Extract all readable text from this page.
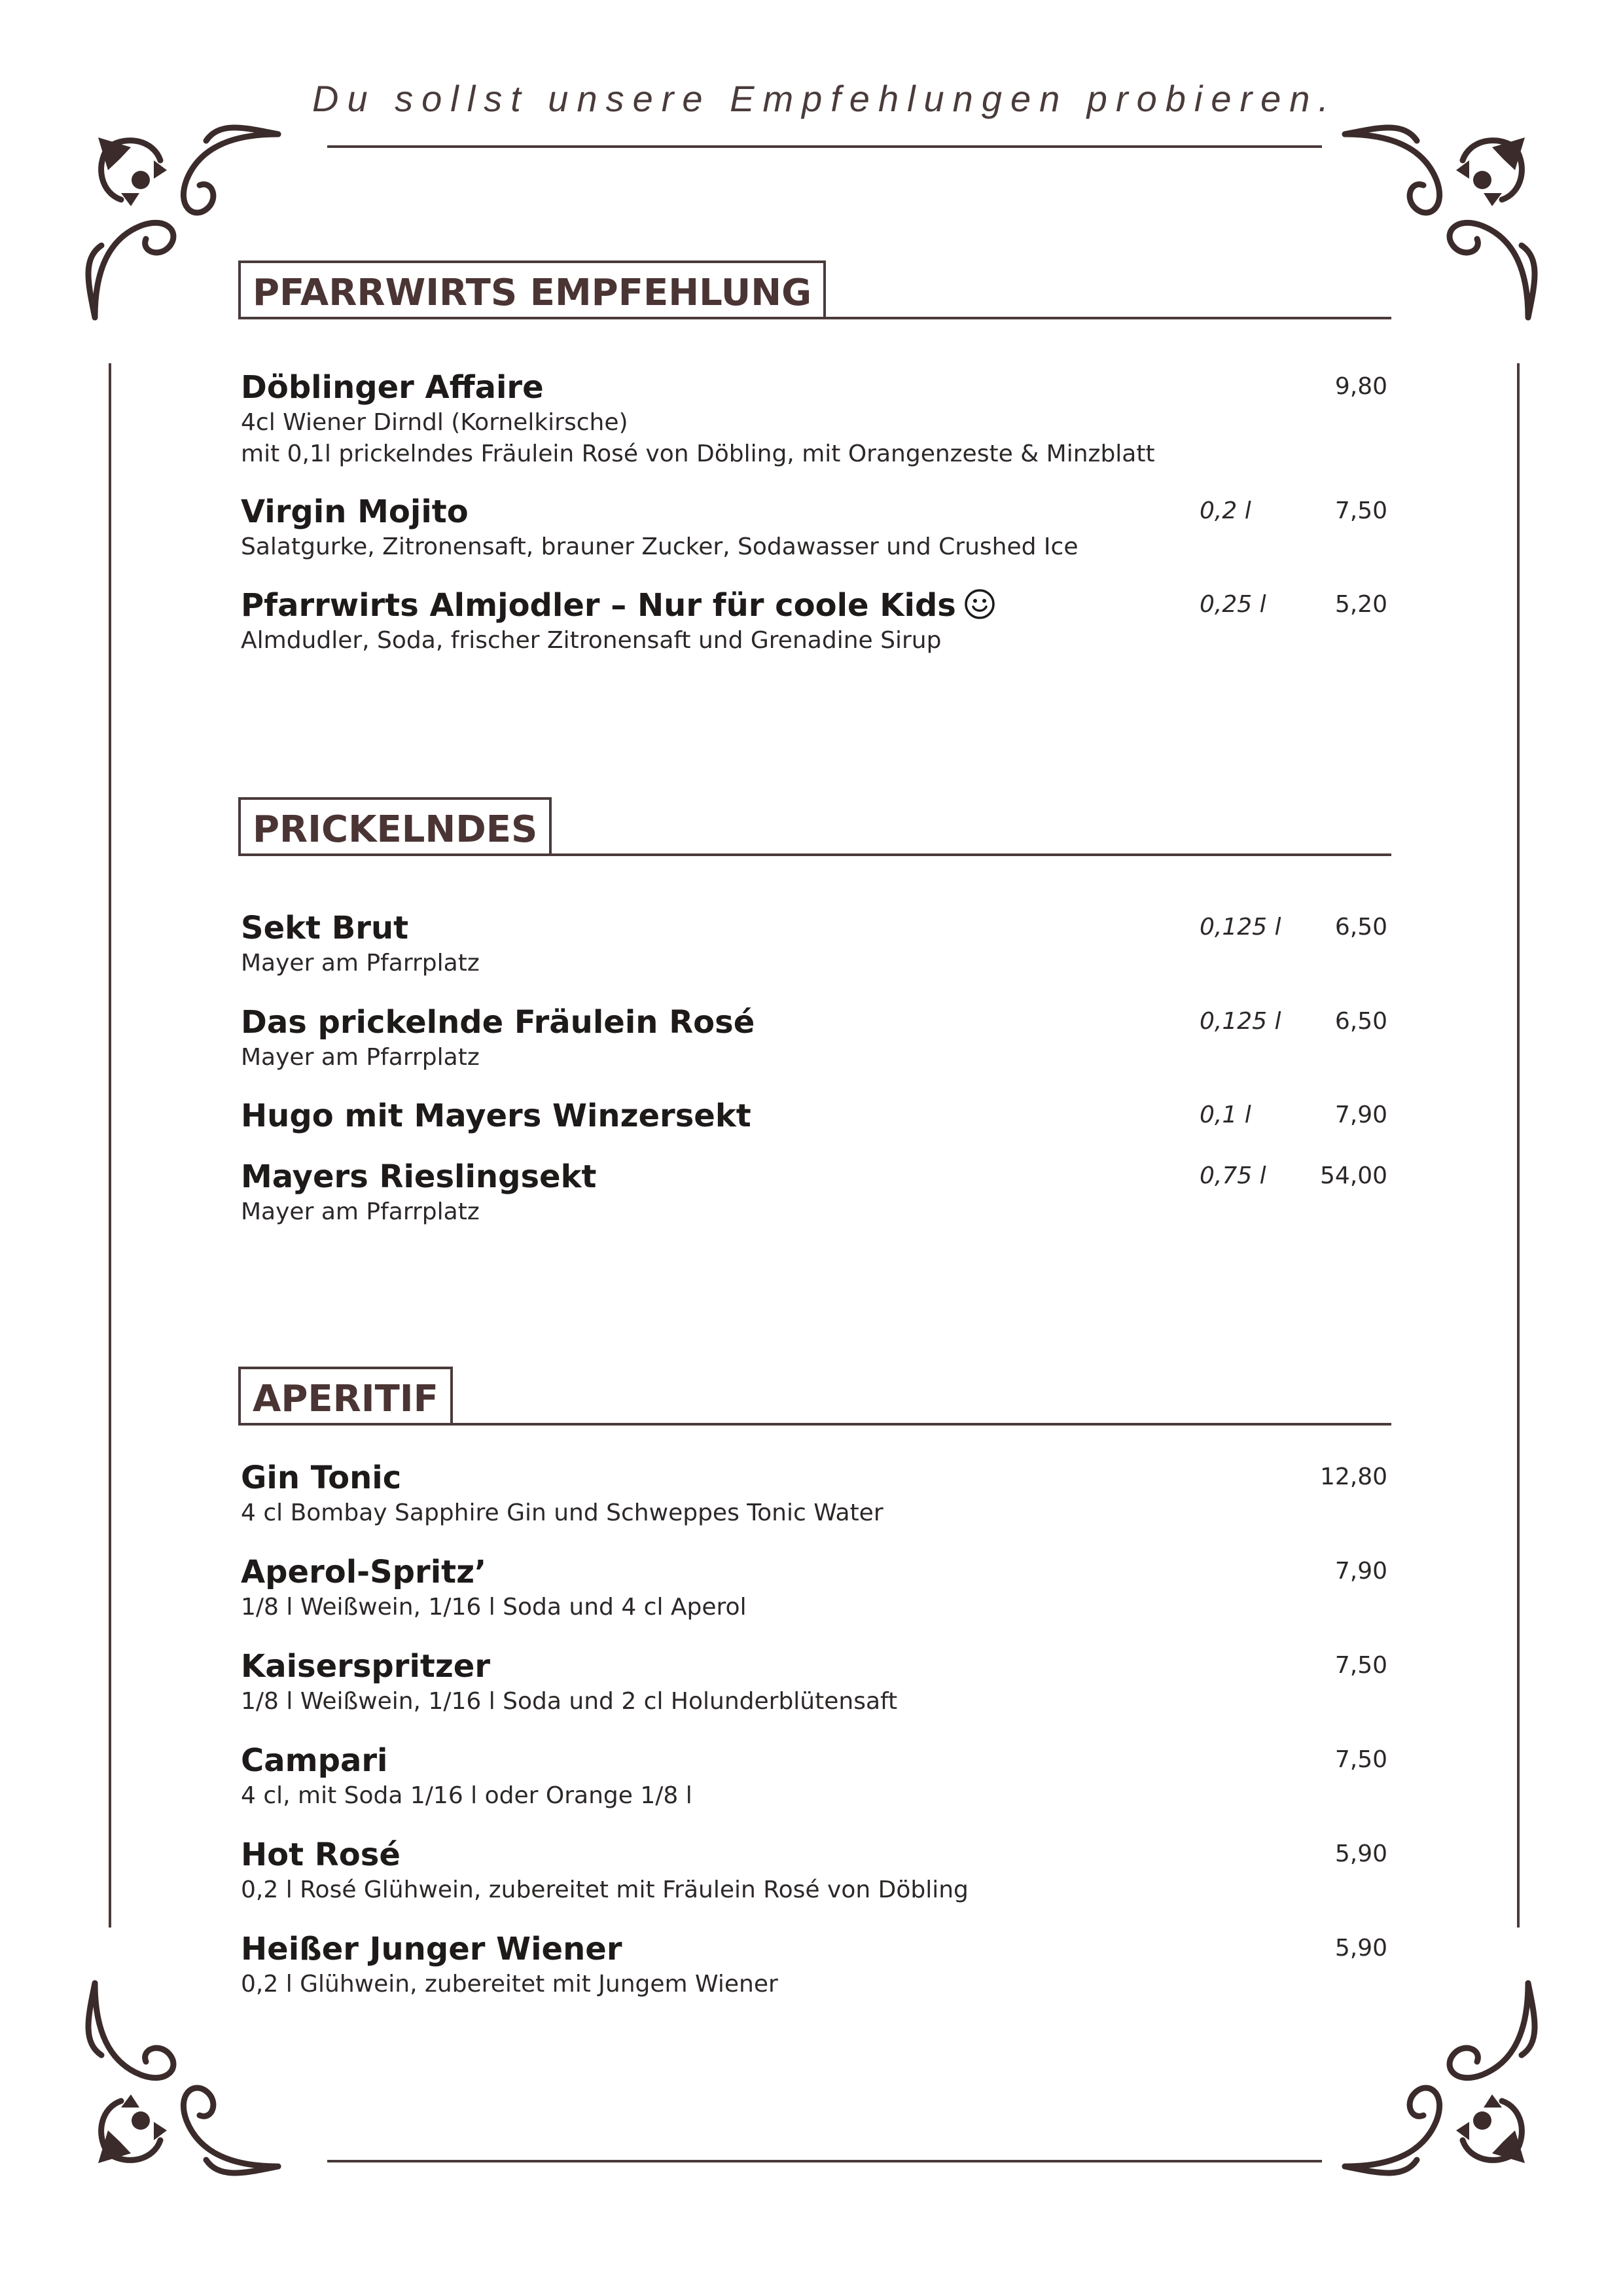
Du sollst unsere Empfehlungen probieren.
PFARRWIRTS EMPFEHLUNG
Döblinger Affaire
4cl Wiener Dirndl (Kornelkirsche)
mit 0,1l prickelndes Fräulein Rosé von Döbling, mit Orangenzeste & Minzblatt
9,80
Virgin Mojito
Salatgurke, Zitronensaft, brauner Zucker, Sodawasser und Crushed Ice
0,2 l	7,50
Pfarrwirts Almjodler – Nur für coole Kids
Almdudler, Soda, frischer Zitronensaft und Grenadine Sirup
0,25 l	5,20
PRICKELNDES
Sekt Brut
Mayer am Pfarrplatz
0,125 l 6,50
Das prickelnde Fräulein Rosé
Mayer am Pfarrplatz
0,125 l 6,50
Hugo mit Mayers Winzersekt	0,1 l	7,90
Mayers Rieslingsekt
Mayer am Pfarrplatz
0,75 l 54,00
APERITIF
Gin Tonic
4 cl Bombay Sapphire Gin und Schweppes Tonic Water
12,80
Aperol-Spritz’
1/8 l Weißwein, 1/16 l Soda und 4 cl Aperol
7,90
Kaiserspritzer
1/8 l Weißwein, 1/16 l Soda und 2 cl Holunderblütensaft
7,50
Campari
4 cl, mit Soda 1/16 l oder Orange 1/8 l
7,50
Hot Rosé
0,2 l Rosé Glühwein, zubereitet mit Fräulein Rosé von Döbling
5,90
Heißer Junger Wiener
0,2 l Glühwein, zubereitet mit Jungem Wiener
5,90
